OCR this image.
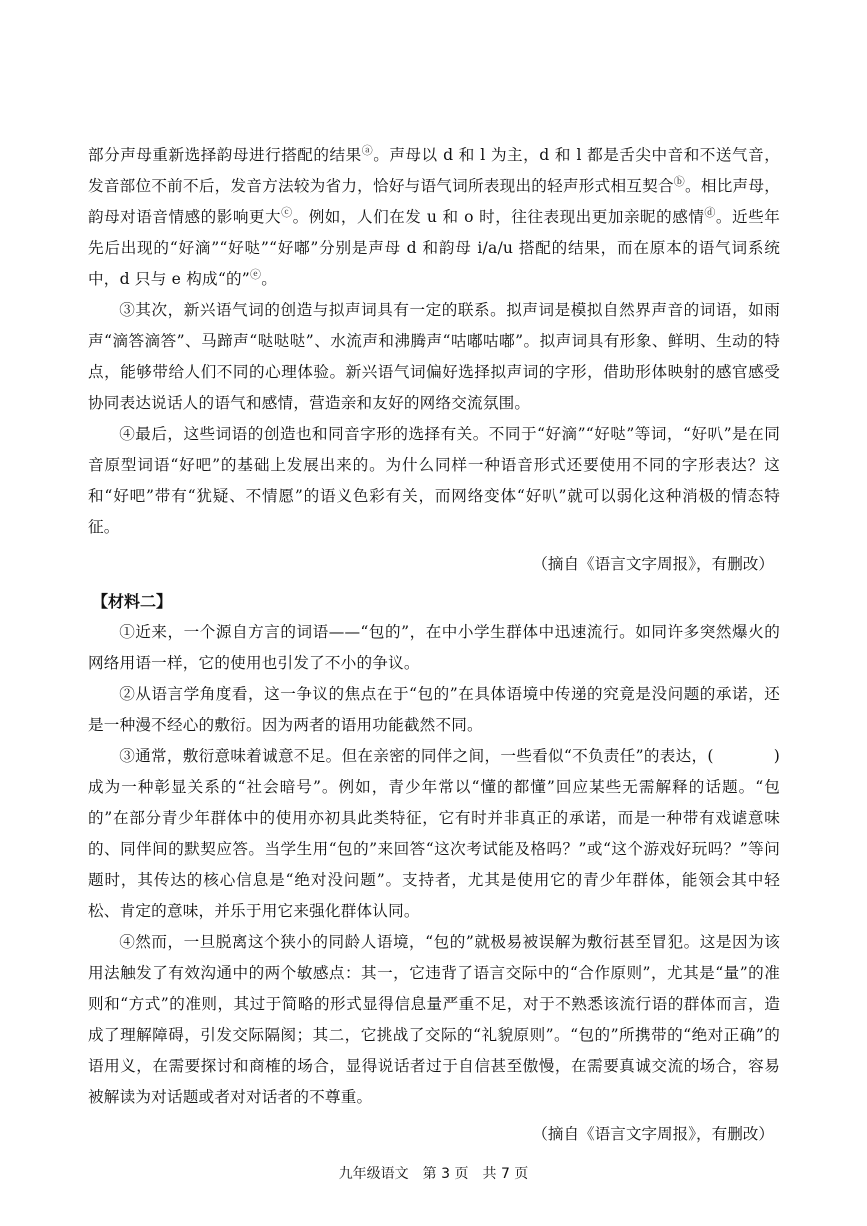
部分声母重新选择韵母进行搭配的结果ⓐ。声母以 d 和 l 为主，d 和 l 都是舌尖中音和不送气音，发音部位不前不后，发音方法较为省力，恰好与语气词所表现出的轻声形式相互契合ⓑ。相比声母，韵母对语音情感的影响更大ⓒ。例如，人们在发 u 和 o 时，往往表现出更加亲昵的感情ⓓ。近些年先后出现的“好滴”“好哒”“好嘟”分别是声母 d 和韵母 i/a/u 搭配的结果，而在原本的语气词系统中，d 只与 e 构成“的”ⓔ。

③其次，新兴语气词的创造与拟声词具有一定的联系。拟声词是模拟自然界声音的词语，如雨声“滴答滴答”、马蹄声“哒哒哒”、水流声和沸腾声“咕嘟咕嘟”。拟声词具有形象、鲜明、生动的特点，能够带给人们不同的心理体验。新兴语气词偏好选择拟声词的字形，借助形体映射的感官感受协同表达说话人的语气和感情，营造亲和友好的网络交流氛围。

④最后，这些词语的创造也和同音字形的选择有关。不同于“好滴”“好哒”等词，“好叭”是在同音原型词语“好吧”的基础上发展出来的。为什么同样一种语音形式还要使用不同的字形表达？这和“好吧”带有“犹疑、不情愿”的语义色彩有关，而网络变体“好叭”就可以弱化这种消极的情态特征。

（摘自《语言文字周报》，有删改）
【材料二】

①近来，一个源自方言的词语——“包的”，在中小学生群体中迅速流行。如同许多突然爆火的网络用语一样，它的使用也引发了不小的争议。

②从语言学角度看，这一争议的焦点在于“包的”在具体语境中传递的究竟是没问题的承诺，还是一种漫不经心的敷衍。因为两者的语用功能截然不同。

③通常，敷衍意味着诚意不足。但在亲密的同伴之间，一些看似“不负责任”的表达，(	)成为一种彰显关系的“社会暗号”。例如，青少年常以“懂的都懂”回应某些无需解释的话题。“包的”在部分青少年群体中的使用亦初具此类特征，它有时并非真正的承诺，而是一种带有戏谑意味的、同伴间的默契应答。当学生用“包的”来回答“这次考试能及格吗？”或“这个游戏好玩吗？”等问题时，其传达的核心信息是“绝对没问题”。支持者，尤其是使用它的青少年群体，能领会其中轻松、肯定的意味，并乐于用它来强化群体认同。

④然而，一旦脱离这个狭小的同龄人语境，“包的”就极易被误解为敷衍甚至冒犯。这是因为该用法触发了有效沟通中的两个敏感点：其一，它违背了语言交际中的“合作原则”，尤其是“量”的准则和“方式”的准则，其过于简略的形式显得信息量严重不足，对于不熟悉该流行语的群体而言，造成了理解障碍，引发交际隔阂；其二，它挑战了交际的“礼貌原则”。“包的”所携带的“绝对正确”的语用义，在需要探讨和商榷的场合，显得说话者过于自信甚至傲慢，在需要真诚交流的场合，容易被解读为对话题或者对对话者的不尊重。

（摘自《语言文字周报》，有删改）
九年级语文　第 3 页　共 7 页
